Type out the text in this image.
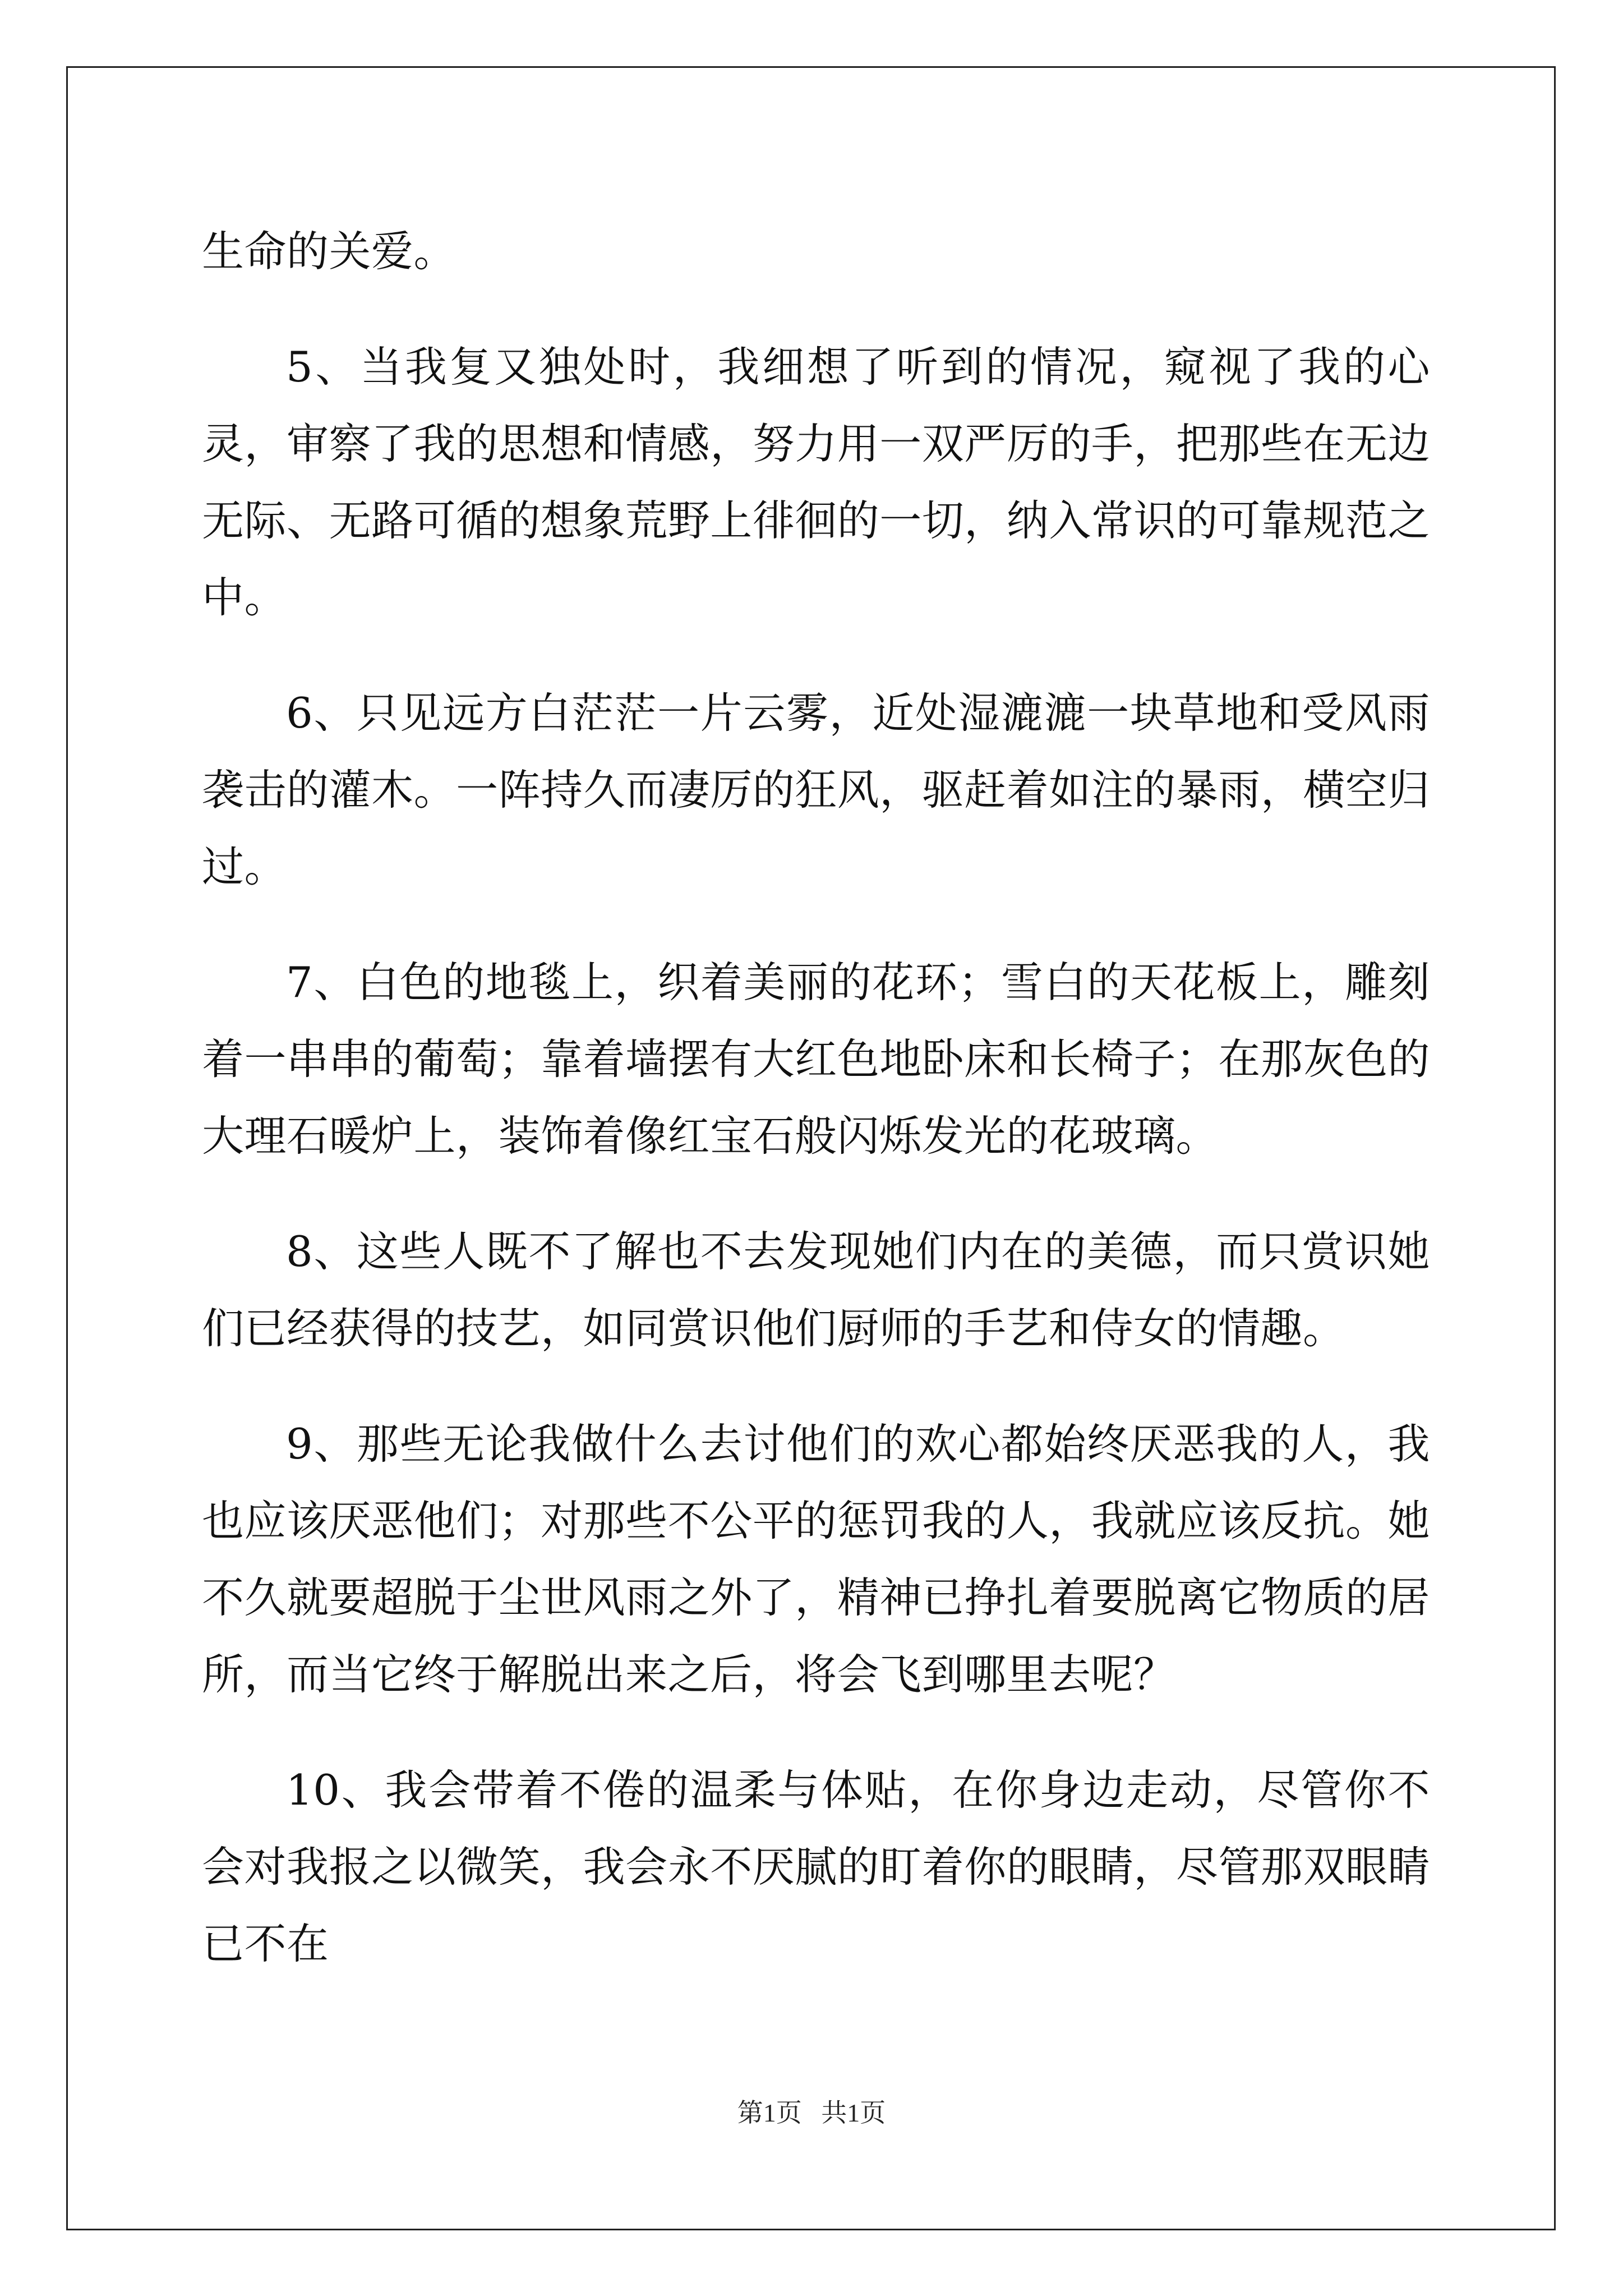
生命的关爱。

5、当我复又独处时，我细想了听到的情况，窥视了我的心灵，审察了我的思想和情感，努力用一双严厉的手，把那些在无边无际、无路可循的想象荒野上徘徊的一切，纳入常识的可靠规范之中。

6、只见远方白茫茫一片云雾，近处湿漉漉一块草地和受风雨袭击的灌木。一阵持久而凄厉的狂风，驱赶着如注的暴雨，横空归过。

7、白色的地毯上，织着美丽的花环；雪白的天花板上，雕刻着一串串的葡萄；靠着墙摆有大红色地卧床和长椅子；在那灰色的大理石暖炉上，装饰着像红宝石般闪烁发光的花玻璃。

8、这些人既不了解也不去发现她们内在的美德，而只赏识她们已经获得的技艺，如同赏识他们厨师的手艺和侍女的情趣。

9、那些无论我做什么去讨他们的欢心都始终厌恶我的人，我也应该厌恶他们；对那些不公平的惩罚我的人，我就应该反抗。她不久就要超脱于尘世风雨之外了，精神已挣扎着要脱离它物质的居所，而当它终于解脱出来之后，将会飞到哪里去呢？

10、我会带着不倦的温柔与体贴，在你身边走动，尽管你不会对我报之以微笑，我会永不厌腻的盯着你的眼睛，尽管那双眼睛已不在

第1页 共1页
